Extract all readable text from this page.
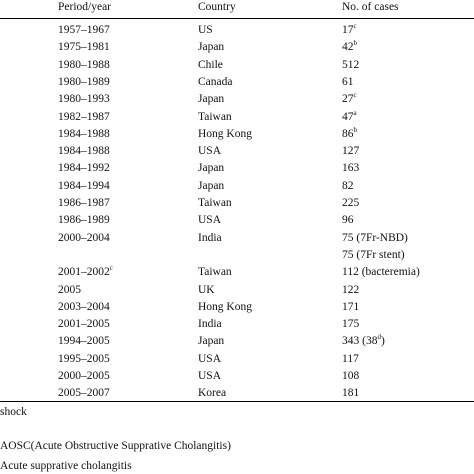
Period/year	Country	No. of cases
1957–1967	US	17$^c$
1975–1981	Japan	42$^b$
1980–1988	Chile	512
1980–1989	Canada	61
1980–1993	Japan	27$^c$
1982–1987	Taiwan	47$^a$
1984–1988	Hong Kong	86$^b$
1984–1988	USA	127
1984–1992	Japan	163
1984–1994	Japan	82
1986–1987	Taiwan	225
1986–1989	USA	96
2000–2004	India	75 (7Fr-NBD)
75 (7Fr stent)
2001–2002$^c$	Taiwan	112 (bacteremia)
2005	UK	122
2003–2004	Hong Kong	171
2001–2005	India	175
1994–2005	Japan	343 (38$^d$)
1995–2005	USA	117
2000–2005	USA	108
2005–2007	Korea	181
shock
AOSC(Acute Obstructive Supprative Cholangitis)
Acute supprative cholangitis
